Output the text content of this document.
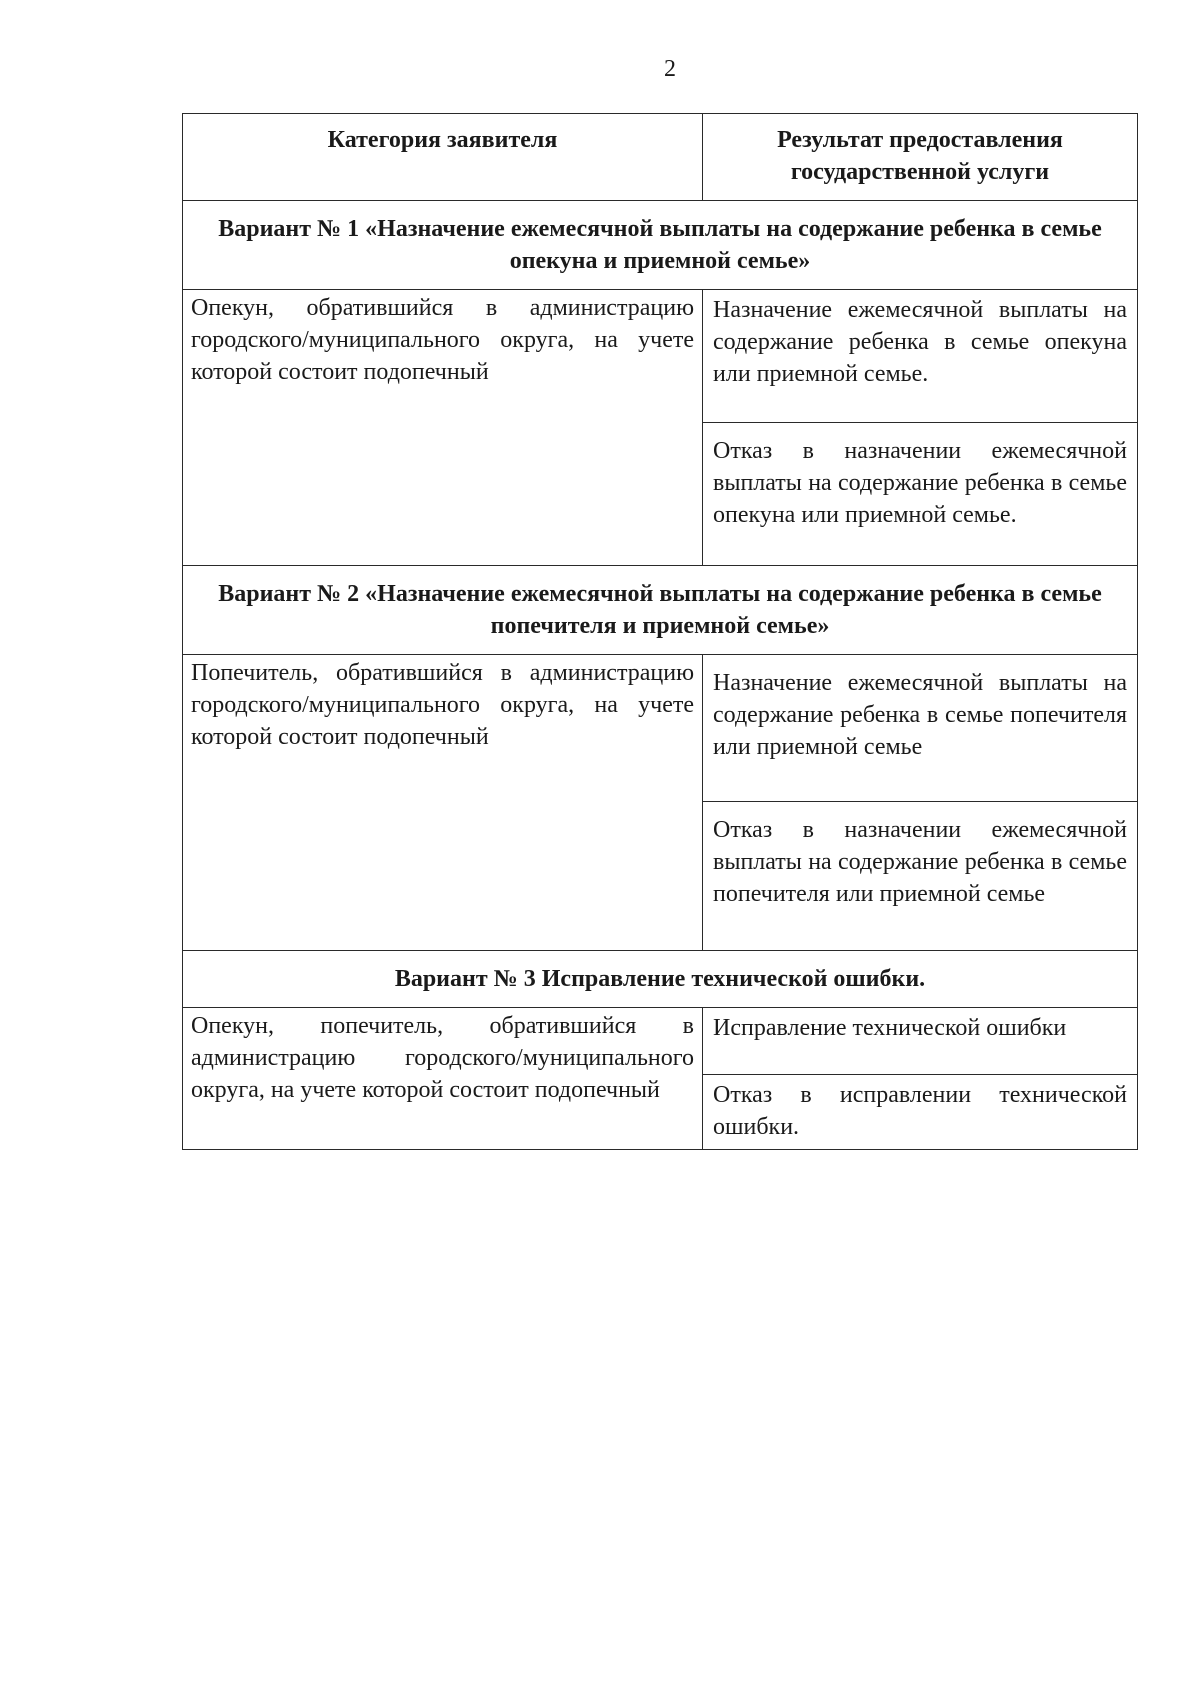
2
Категория заявителя	Результат предоставления государственной услуги
Вариант № 1 «Назначение ежемесячной выплаты на содержание ребенка в семье опекуна и приемной семье»	
Опекун, обратившийся в администрацию городского/муниципального округа, на учете которой состоит подопечный	Назначение ежемесячной выплаты на содержание ребенка в семье опекуна или приемной семье.
	Отказ в назначении ежемесячной выплаты на содержание ребенка в семье опекуна или приемной семье.
Вариант № 2 «Назначение ежемесячной выплаты на содержание ребенка в семье попечителя и приемной семье»	
Попечитель, обратившийся в администрацию городского/муниципального округа, на учете которой состоит подопечный	Назначение ежемесячной выплаты на содержание ребенка в семье попечителя или приемной семье
	Отказ в назначении ежемесячной выплаты на содержание ребенка в семье попечителя или приемной семье
Вариант № 3 Исправление технической ошибки.	
Опекун, попечитель, обратившийся в администрацию городского/муниципального округа, на учете которой состоит подопечный	Исправление технической ошибки
	Отказ в исправлении технической ошибки.
